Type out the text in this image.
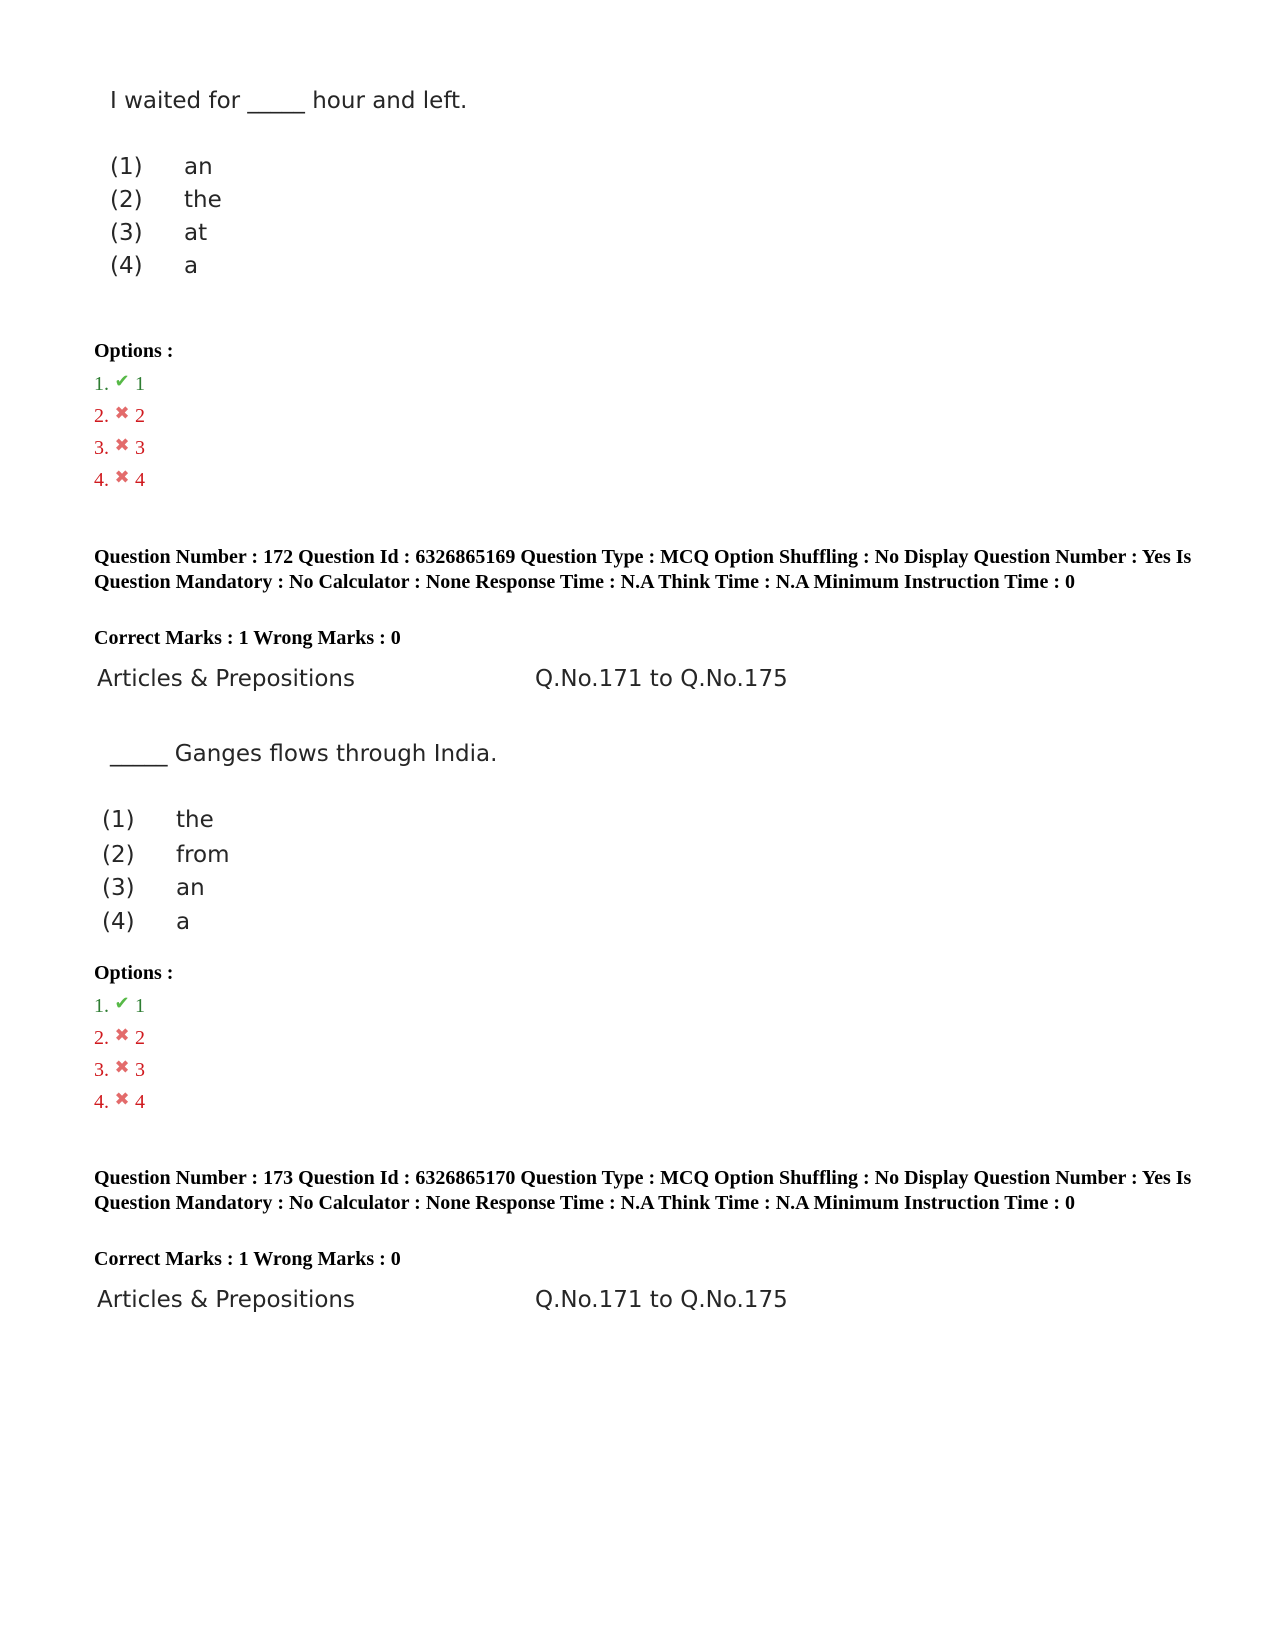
I waited for _____ hour and left.
(1) an
(2) the
(3) at
(4) a
Options :
1. ✔ 1
2. ✖ 2
3. ✖ 3
4. ✖ 4
Question Number : 172 Question Id : 6326865169 Question Type : MCQ Option Shuffling : No Display Question Number : Yes Is Question Mandatory : No Calculator : None Response Time : N.A Think Time : N.A Minimum Instruction Time : 0
Correct Marks : 1 Wrong Marks : 0
Articles & Prepositions	Q.No.171 to Q.No.175
_____ Ganges flows through India.
(1) the
(2) from
(3) an
(4) a
Options :
1. ✔ 1
2. ✖ 2
3. ✖ 3
4. ✖ 4
Question Number : 173 Question Id : 6326865170 Question Type : MCQ Option Shuffling : No Display Question Number : Yes Is Question Mandatory : No Calculator : None Response Time : N.A Think Time : N.A Minimum Instruction Time : 0
Correct Marks : 1 Wrong Marks : 0
Articles & Prepositions	Q.No.171 to Q.No.175
